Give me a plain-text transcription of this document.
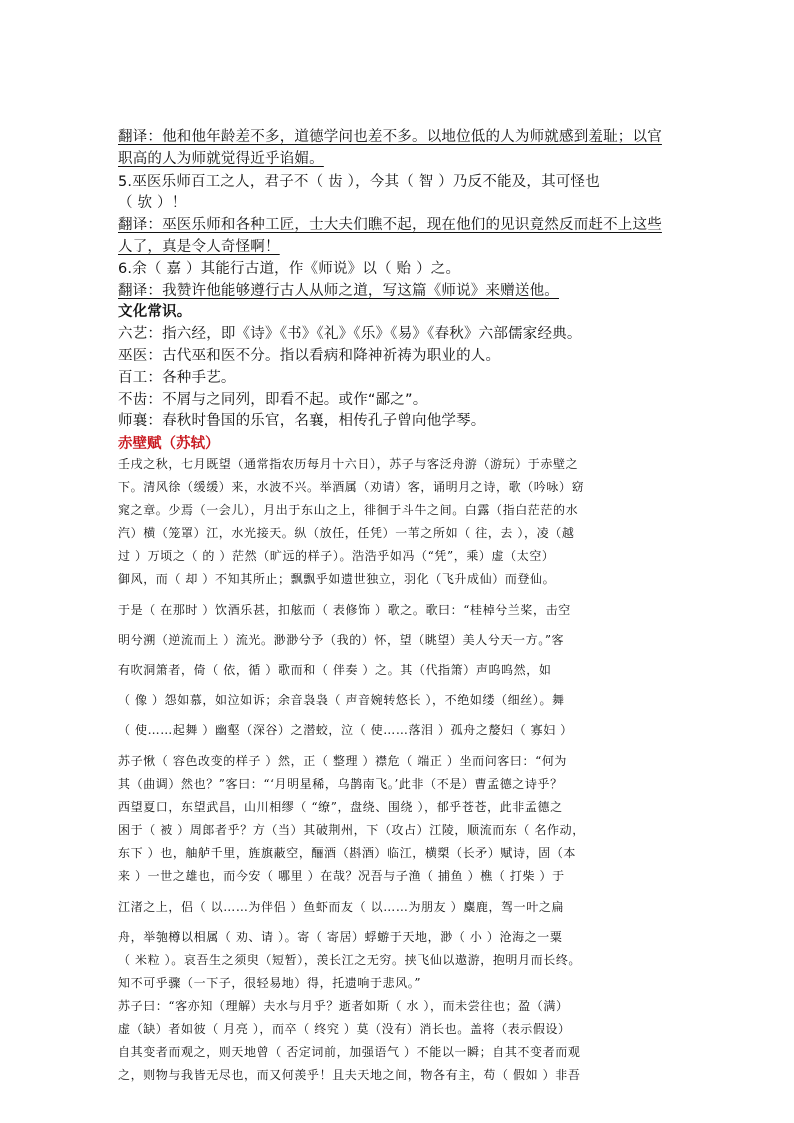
翻译：他和他年龄差不多，道德学问也差不多。以地位低的人为师就感到羞耻；以官
职高的人为师就觉得近乎谄媚。
5.巫医乐师百工之人，君子不（ 齿 ），今其（ 智 ）乃反不能及，其可怪也
（ 欤 ）！
翻译：巫医乐师和各种工匠，士大夫们瞧不起，现在他们的见识竟然反而赶不上这些
人了，真是令人奇怪啊！
6.余（ 嘉 ）其能行古道，作《师说》以（ 贻 ）之。
翻译：我赞许他能够遵行古人从师之道，写这篇《师说》来赠送他。
文化常识。
六艺：指六经，即《诗》《书》《礼》《乐》《易》《春秋》六部儒家经典。
巫医：古代巫和医不分。指以看病和降神祈祷为职业的人。
百工：各种手艺。
不齿：不屑与之同列，即看不起。或作“鄙之”。
师襄：春秋时鲁国的乐官，名襄，相传孔子曾向他学琴。
赤壁赋（苏轼）
壬戌之秋，七月既望（通常指农历每月十六日），苏子与客泛舟游（游玩）于赤壁之
下。清风徐（缓缓）来，水波不兴。举酒属（劝请）客，诵明月之诗，歌（吟咏）窈
窕之章。少焉（一会儿），月出于东山之上，徘徊于斗牛之间。白露（指白茫茫的水
汽）横（笼罩）江，水光接天。纵（放任，任凭）一苇之所如（ 往，去 ），凌（越
过 ）万顷之（ 的 ）茫然（旷远的样子）。浩浩乎如冯（“凭”，乘）虚（太空）
御风，而（ 却 ）不知其所止；飘飘乎如遗世独立，羽化（飞升成仙）而登仙。
于是（ 在那时 ）饮酒乐甚，扣舷而（ 表修饰 ）歌之。歌曰：“桂棹兮兰桨，击空
明兮溯（逆流而上 ）流光。渺渺兮予（我的）怀，望（眺望）美人兮天一方。”客
有吹洞箫者，倚（ 依，循 ）歌而和（ 伴奏 ）之。其（代指箫）声呜呜然，如
（ 像 ）怨如慕，如泣如诉；余音袅袅（ 声音婉转悠长 ），不绝如缕（细丝）。舞
（ 使……起舞 ）幽壑（深谷）之潜蛟，泣（ 使……落泪 ）孤舟之嫠妇（ 寡妇 ）
苏子愀（ 容色改变的样子 ）然，正（ 整理 ）襟危（ 端正 ）坐而问客曰：“何为
其（曲调）然也？”客曰：“‘月明星稀，乌鹊南飞。’此非（不是）曹孟德之诗乎？
西望夏口，东望武昌，山川相缪（ “缭”，盘绕、围绕 ），郁乎苍苍，此非孟德之
困于（ 被 ）周郎者乎？方（当）其破荆州，下（攻占）江陵，顺流而东（ 名作动，
东下 ）也，舳舻千里，旌旗蔽空，酾酒（斟酒）临江，横槊（长矛）赋诗，固（本
来 ）一世之雄也，而今安（ 哪里 ）在哉？况吾与子渔（ 捕鱼 ）樵（ 打柴 ）于
江渚之上，侣（ 以……为伴侣 ）鱼虾而友（ 以……为朋友 ）麋鹿，驾一叶之扁
舟，举匏樽以相属（ 劝、请 ）。寄（ 寄居）蜉蝣于天地，渺（ 小 ）沧海之一粟
（ 米粒 ）。哀吾生之须臾（短暂），羡长江之无穷。挟飞仙以遨游，抱明月而长终。
知不可乎骤（一下子，很轻易地）得，托遗响于悲风。”
苏子曰：“客亦知（理解）夫水与月乎？逝者如斯（ 水 ），而未尝往也；盈（满）
虚（缺）者如彼（ 月亮 ），而卒（ 终究 ）莫（没有）消长也。盖将（表示假设）
自其变者而观之，则天地曾（ 否定词前，加强语气 ）不能以一瞬；自其不变者而观
之，则物与我皆无尽也，而又何羡乎！且夫天地之间，物各有主，苟（ 假如 ）非吾
